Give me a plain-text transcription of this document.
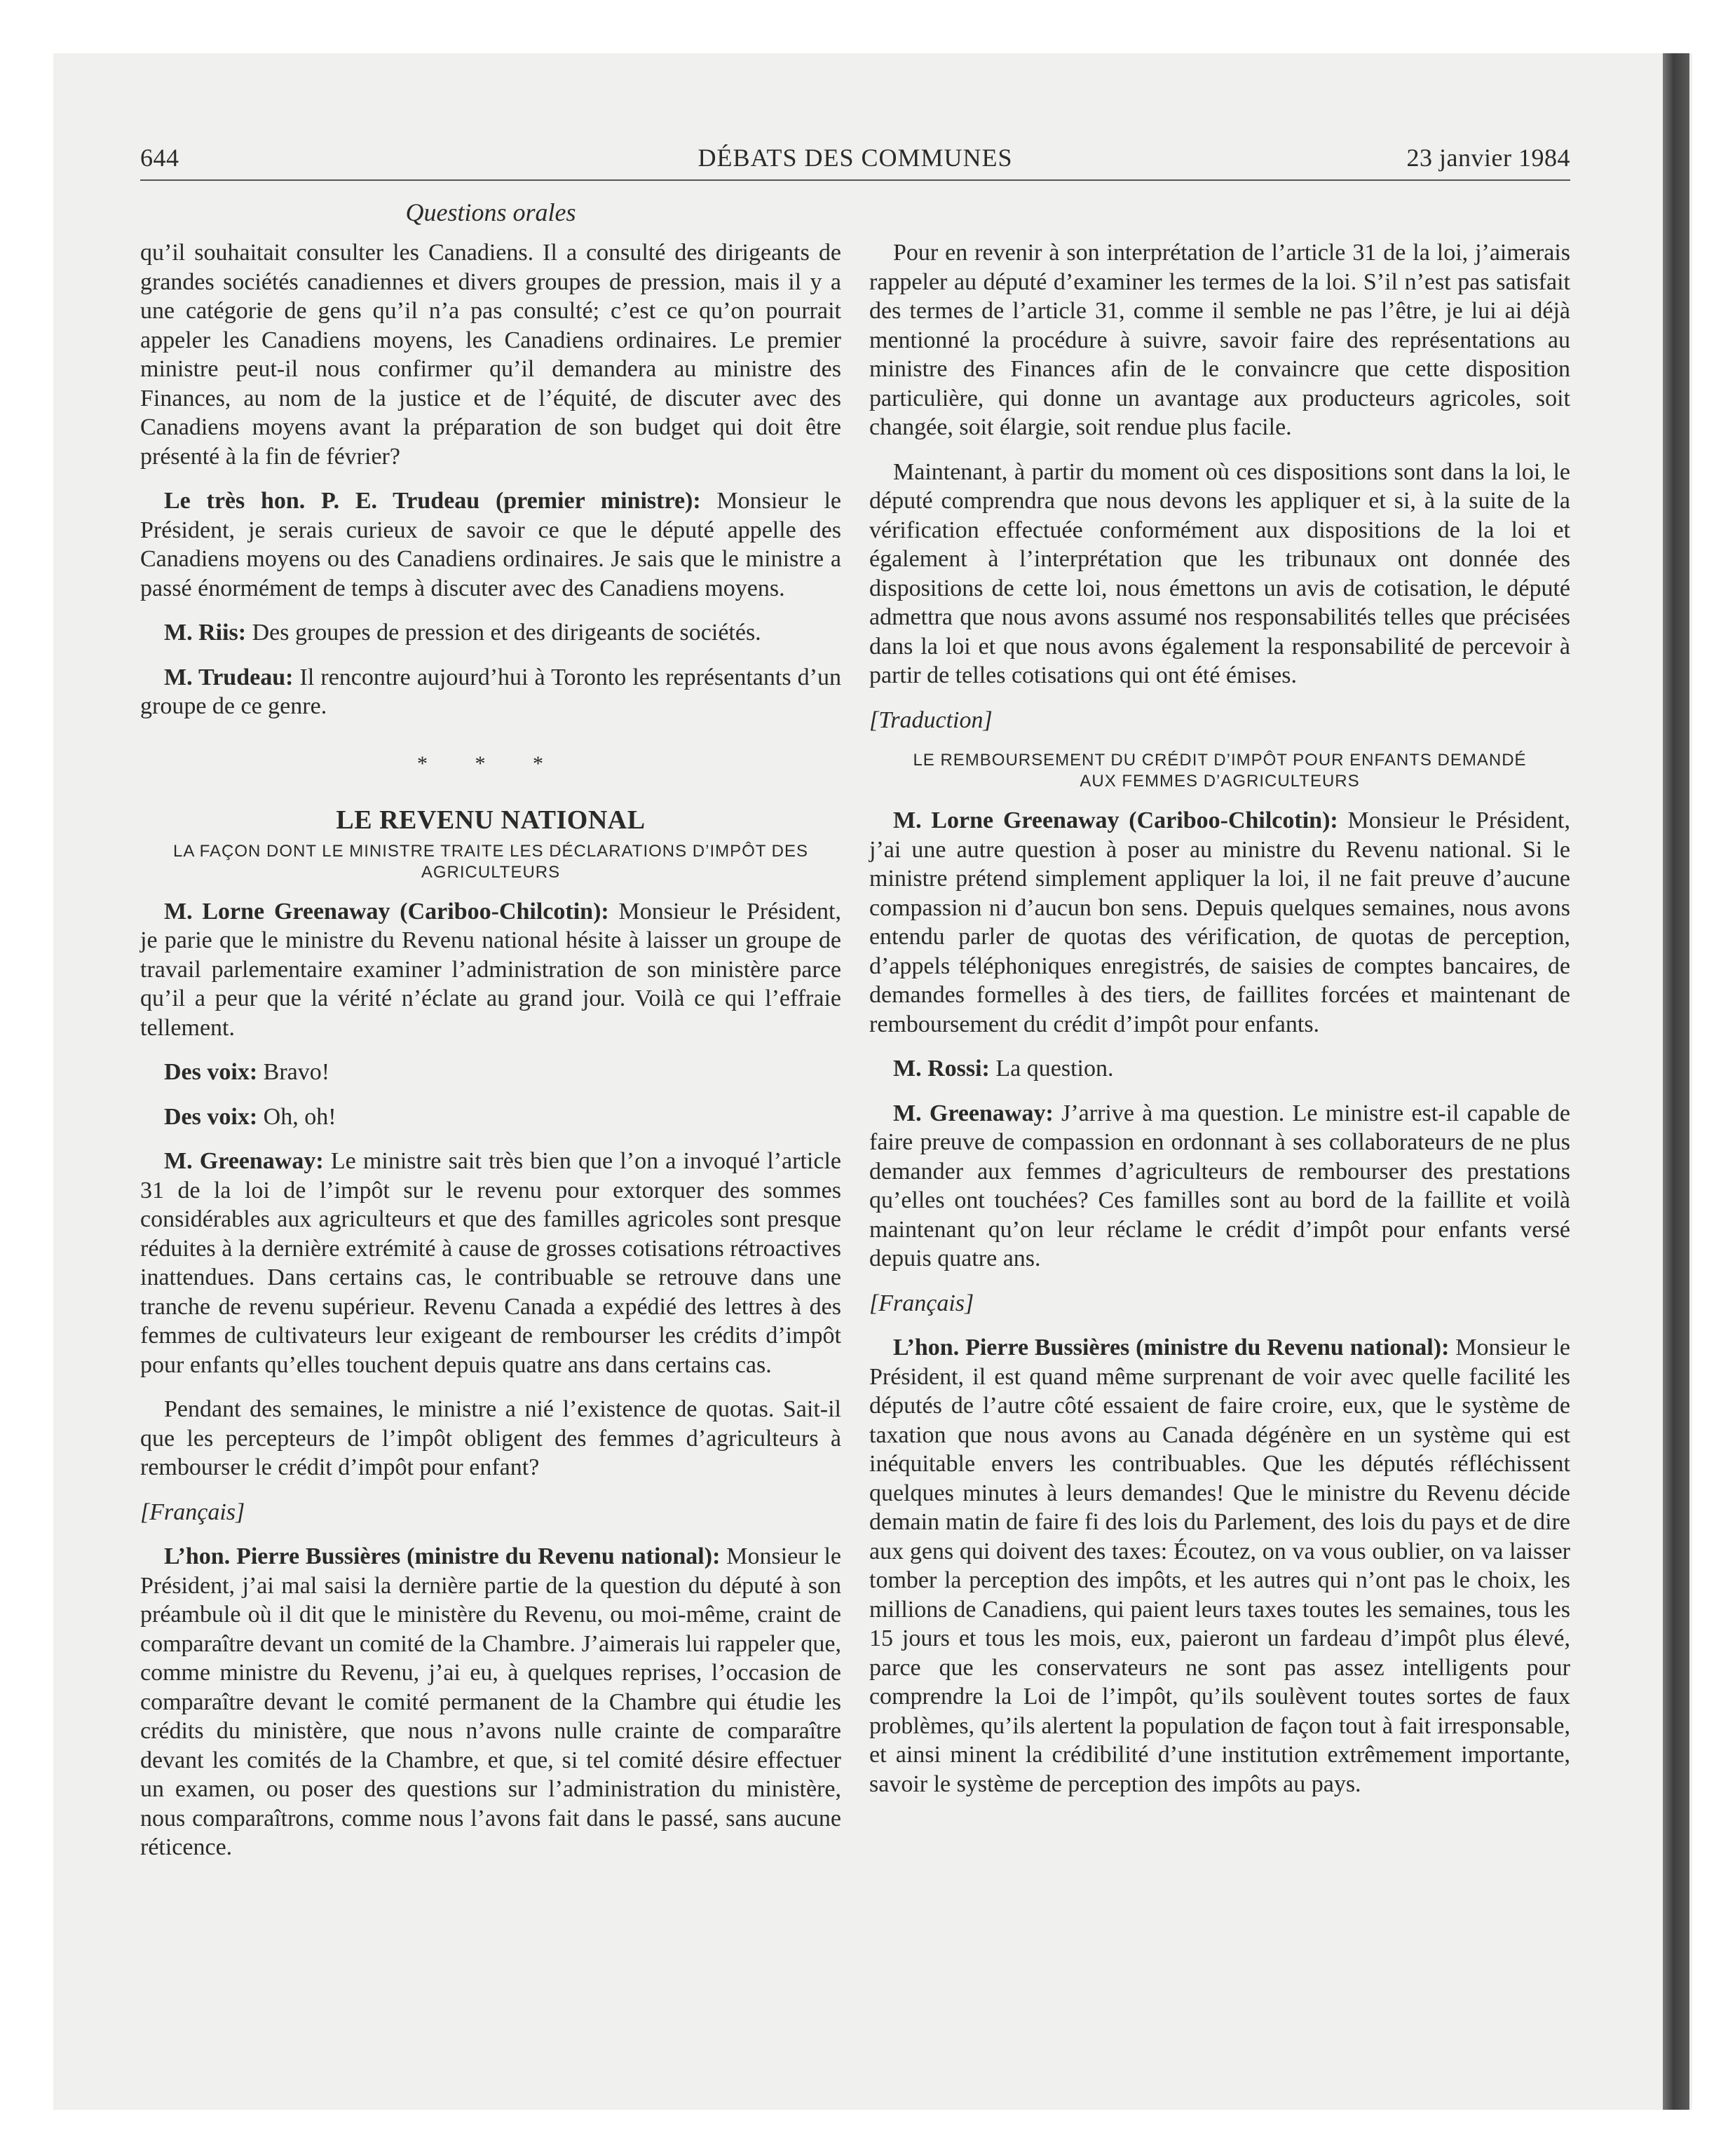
644	DÉBATS DES COMMUNES	23 janvier 1984
Questions orales

qu’il souhaitait consulter les Canadiens. Il a consulté des dirigeants de grandes sociétés canadiennes et divers groupes de pression, mais il y a une catégorie de gens qu’il n’a pas consulté; c’est ce qu’on pourrait appeler les Canadiens moyens, les Canadiens ordinaires. Le premier ministre peut-il nous confirmer qu’il demandera au ministre des Finances, au nom de la justice et de l’équité, de discuter avec des Canadiens moyens avant la préparation de son budget qui doit être présenté à la fin de février?

Le très hon. P. E. Trudeau (premier ministre): Monsieur le Président, je serais curieux de savoir ce que le député appelle des Canadiens moyens ou des Canadiens ordinaires. Je sais que le ministre a passé énormément de temps à discuter avec des Canadiens moyens.

M. Riis: Des groupes de pression et des dirigeants de sociétés.

M. Trudeau: Il rencontre aujourd’hui à Toronto les représentants d’un groupe de ce genre.

* * *
LE REVENU NATIONAL
LA FAÇON DONT LE MINISTRE TRAITE LES DÉCLARATIONS D’IMPÔT DES AGRICULTEURS

M. Lorne Greenaway (Cariboo-Chilcotin): Monsieur le Président, je parie que le ministre du Revenu national hésite à laisser un groupe de travail parlementaire examiner l’administration de son ministère parce qu’il a peur que la vérité n’éclate au grand jour. Voilà ce qui l’effraie tellement.

Des voix: Bravo!

Des voix: Oh, oh!

M. Greenaway: Le ministre sait très bien que l’on a invoqué l’article 31 de la loi de l’impôt sur le revenu pour extorquer des sommes considérables aux agriculteurs et que des familles agricoles sont presque réduites à la dernière extrémité à cause de grosses cotisations rétroactives inattendues. Dans certains cas, le contribuable se retrouve dans une tranche de revenu supérieur. Revenu Canada a expédié des lettres à des femmes de cultivateurs leur exigeant de rembourser les crédits d’impôt pour enfants qu’elles touchent depuis quatre ans dans certains cas.

Pendant des semaines, le ministre a nié l’existence de quotas. Sait-il que les percepteurs de l’impôt obligent des femmes d’agriculteurs à rembourser le crédit d’impôt pour enfant?

[Français]

L’hon. Pierre Bussières (ministre du Revenu national): Monsieur le Président, j’ai mal saisi la dernière partie de la question du député à son préambule où il dit que le ministère du Revenu, ou moi-même, craint de comparaître devant un comité de la Chambre. J’aimerais lui rappeler que, comme ministre du Revenu, j’ai eu, à quelques reprises, l’occasion de comparaître devant le comité permanent de la Chambre qui étudie les crédits du ministère, que nous n’avons nulle crainte de comparaître devant les comités de la Chambre, et que, si tel comité désire effectuer un examen, ou poser des questions sur l’administration du ministère, nous comparaîtrons, comme nous l’avons fait dans le passé, sans aucune réticence.

Pour en revenir à son interprétation de l’article 31 de la loi, j’aimerais rappeler au député d’examiner les termes de la loi. S’il n’est pas satisfait des termes de l’article 31, comme il semble ne pas l’être, je lui ai déjà mentionné la procédure à suivre, savoir faire des représentations au ministre des Finances afin de le convaincre que cette disposition particulière, qui donne un avantage aux producteurs agricoles, soit changée, soit élargie, soit rendue plus facile.

Maintenant, à partir du moment où ces dispositions sont dans la loi, le député comprendra que nous devons les appliquer et si, à la suite de la vérification effectuée conformément aux dispositions de la loi et également à l’interprétation que les tribunaux ont donnée des dispositions de cette loi, nous émettons un avis de cotisation, le député admettra que nous avons assumé nos responsabilités telles que précisées dans la loi et que nous avons également la responsabilité de percevoir à partir de telles cotisations qui ont été émises.

[Traduction]
LE REMBOURSEMENT DU CRÉDIT D’IMPÔT POUR ENFANTS DEMANDÉ AUX FEMMES D’AGRICULTEURS

M. Lorne Greenaway (Cariboo-Chilcotin): Monsieur le Président, j’ai une autre question à poser au ministre du Revenu national. Si le ministre prétend simplement appliquer la loi, il ne fait preuve d’aucune compassion ni d’aucun bon sens. Depuis quelques semaines, nous avons entendu parler de quotas des vérification, de quotas de perception, d’appels téléphoniques enregistrés, de saisies de comptes bancaires, de demandes formelles à des tiers, de faillites forcées et maintenant de remboursement du crédit d’impôt pour enfants.

M. Rossi: La question.

M. Greenaway: J’arrive à ma question. Le ministre est-il capable de faire preuve de compassion en ordonnant à ses collaborateurs de ne plus demander aux femmes d’agriculteurs de rembourser des prestations qu’elles ont touchées? Ces familles sont au bord de la faillite et voilà maintenant qu’on leur réclame le crédit d’impôt pour enfants versé depuis quatre ans.

[Français]

L’hon. Pierre Bussières (ministre du Revenu national): Monsieur le Président, il est quand même surprenant de voir avec quelle facilité les députés de l’autre côté essaient de faire croire, eux, que le système de taxation que nous avons au Canada dégénère en un système qui est inéquitable envers les contribuables. Que les députés réfléchissent quelques minutes à leurs demandes! Que le ministre du Revenu décide demain matin de faire fi des lois du Parlement, des lois du pays et de dire aux gens qui doivent des taxes: Écoutez, on va vous oublier, on va laisser tomber la perception des impôts, et les autres qui n’ont pas le choix, les millions de Canadiens, qui paient leurs taxes toutes les semaines, tous les 15 jours et tous les mois, eux, paieront un fardeau d’impôt plus élevé, parce que les conservateurs ne sont pas assez intelligents pour comprendre la Loi de l’impôt, qu’ils soulèvent toutes sortes de faux problèmes, qu’ils alertent la population de façon tout à fait irresponsable, et ainsi minent la crédibilité d’une institution extrêmement importante, savoir le système de perception des impôts au pays.
